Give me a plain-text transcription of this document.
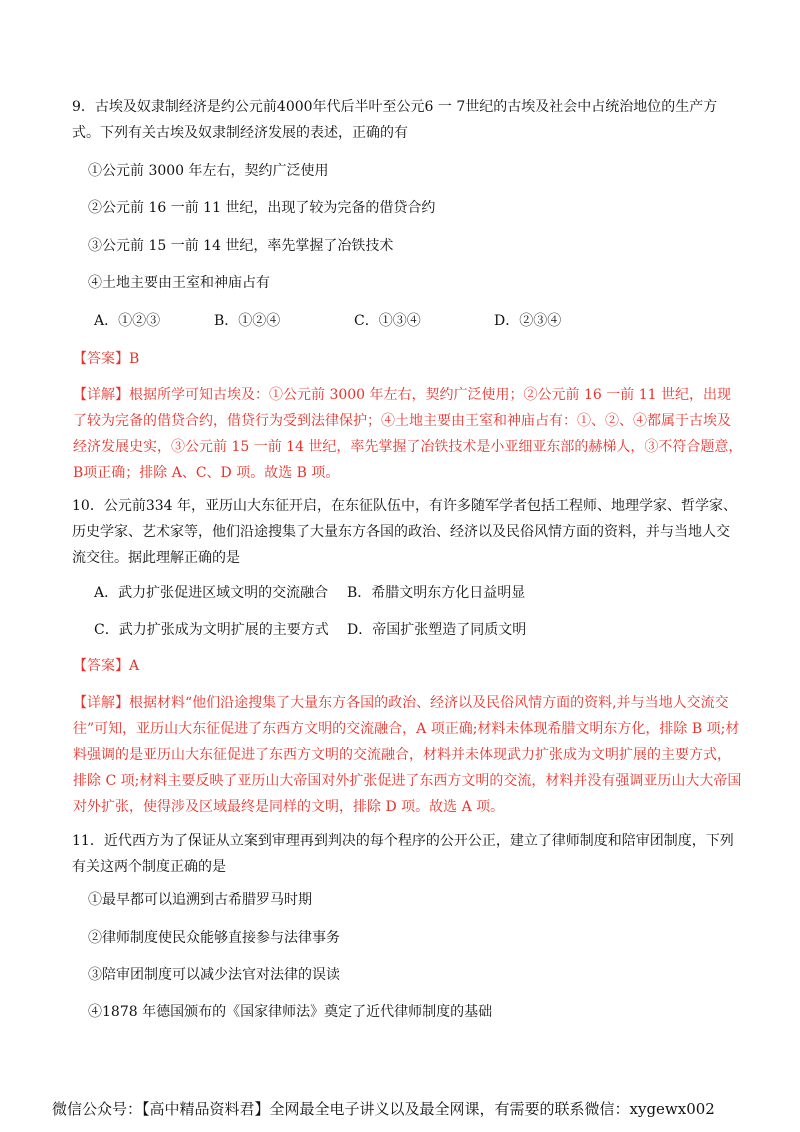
9．古埃及奴隶制经济是约公元前4000年代后半叶至公元6 一 7世纪的古埃及社会中占统治地位的生产方式。下列有关古埃及奴隶制经济发展的表述，正确的有
①公元前 3000 年左右，契约广泛使用
②公元前 16 一前 11 世纪，出现了较为完备的借贷合约
③公元前 15 一前 14 世纪，率先掌握了冶铁技术
④土地主要由王室和神庙占有
A．①②③	B．①②④	C．①③④	D．②③④
【答案】B
【详解】根据所学可知古埃及：①公元前 3000 年左右，契约广泛使用；②公元前 16 一前 11 世纪，出现了较为完备的借贷合约，借贷行为受到法律保护；④土地主要由王室和神庙占有：①、②、④都属于古埃及经济发展史实，③公元前 15 一前 14 世纪，率先掌握了冶铁技术是小亚细亚东部的赫梯人，③不符合题意，B项正确；排除 A、C、D 项。故选 B 项。
10．公元前334 年，亚历山大东征开启，在东征队伍中，有许多随军学者包括工程师、地理学家、哲学家、历史学家、艺术家等，他们沿途搜集了大量东方各国的政治、经济以及民俗风情方面的资料，并与当地人交流交往。据此理解正确的是
A．武力扩张促进区域文明的交流融合 B．希腊文明东方化日益明显
C．武力扩张成为文明扩展的主要方式 D．帝国扩张塑造了同质文明
【答案】A
【详解】根据材料“他们沿途搜集了大量东方各国的政治、经济以及民俗风情方面的资料,并与当地人交流交往”可知，亚历山大东征促进了东西方文明的交流融合，A 项正确;材料未体现希腊文明东方化，排除 B 项;材料强调的是亚历山大东征促进了东西方文明的交流融合，材料并未体现武力扩张成为文明扩展的主要方式，排除 C 项;材料主要反映了亚历山大帝国对外扩张促进了东西方文明的交流，材料并没有强调亚历山大大帝国对外扩张，使得涉及区域最终是同样的文明，排除 D 项。故选 A 项。
11．近代西方为了保证从立案到审理再到判决的每个程序的公开公正，建立了律师制度和陪审团制度，下列有关这两个制度正确的是
①最早都可以追溯到古希腊罗马时期
②律师制度使民众能够直接参与法律事务
③陪审团制度可以减少法官对法律的误读
④1878 年德国颁布的《国家律师法》奠定了近代律师制度的基础
微信公众号：【高中精品资料君】全网最全电子讲义以及最全网课，有需要的联系微信：xygewx002
